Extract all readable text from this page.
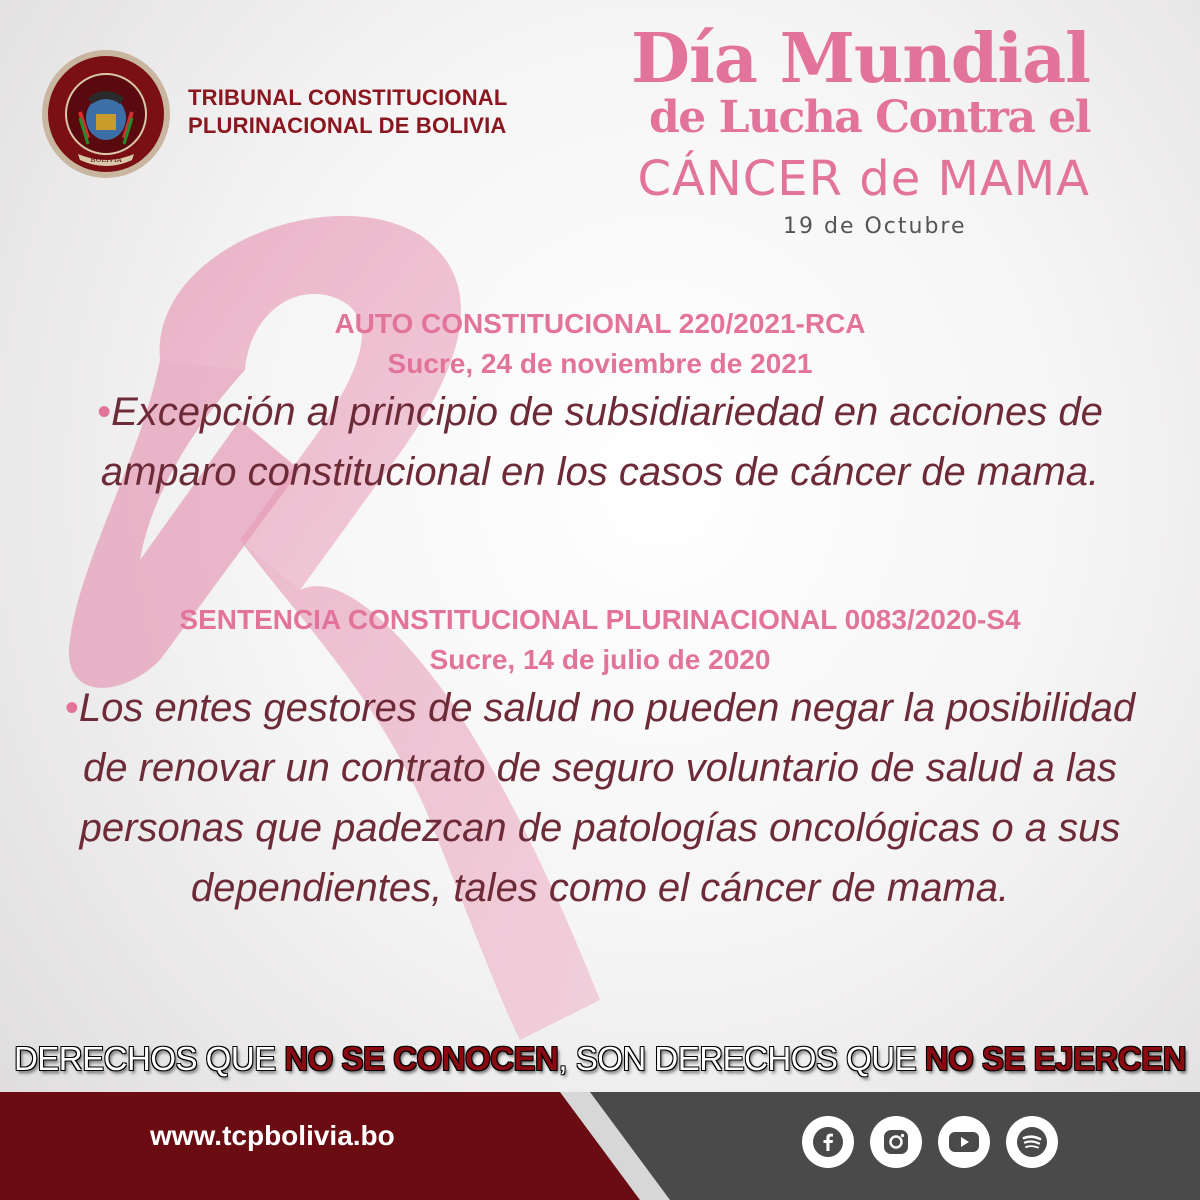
BOLIVIA
TRIBUNAL CONSTITUCIONAL
PLURINACIONAL DE BOLIVIA
Día Mundial
de Lucha Contra el
CÁNCER de MAMA
19 de Octubre
AUTO CONSTITUCIONAL 220/2021-RCA
Sucre, 24 de noviembre de 2021
•Excepción al principio de subsidiariedad en acciones de amparo constitucional en los casos de cáncer de mama.
SENTENCIA CONSTITUCIONAL PLURINACIONAL 0083/2020-S4
Sucre, 14 de julio de 2020
•Los entes gestores de salud no pueden negar la posibilidad de renovar un contrato de seguro voluntario de salud a las personas que padezcan de patologías oncológicas o a sus dependientes, tales como el cáncer de mama.
DERECHOS QUE NO SE CONOCEN, SON DERECHOS QUE NO SE EJERCEN
www.tcpbolivia.bo
